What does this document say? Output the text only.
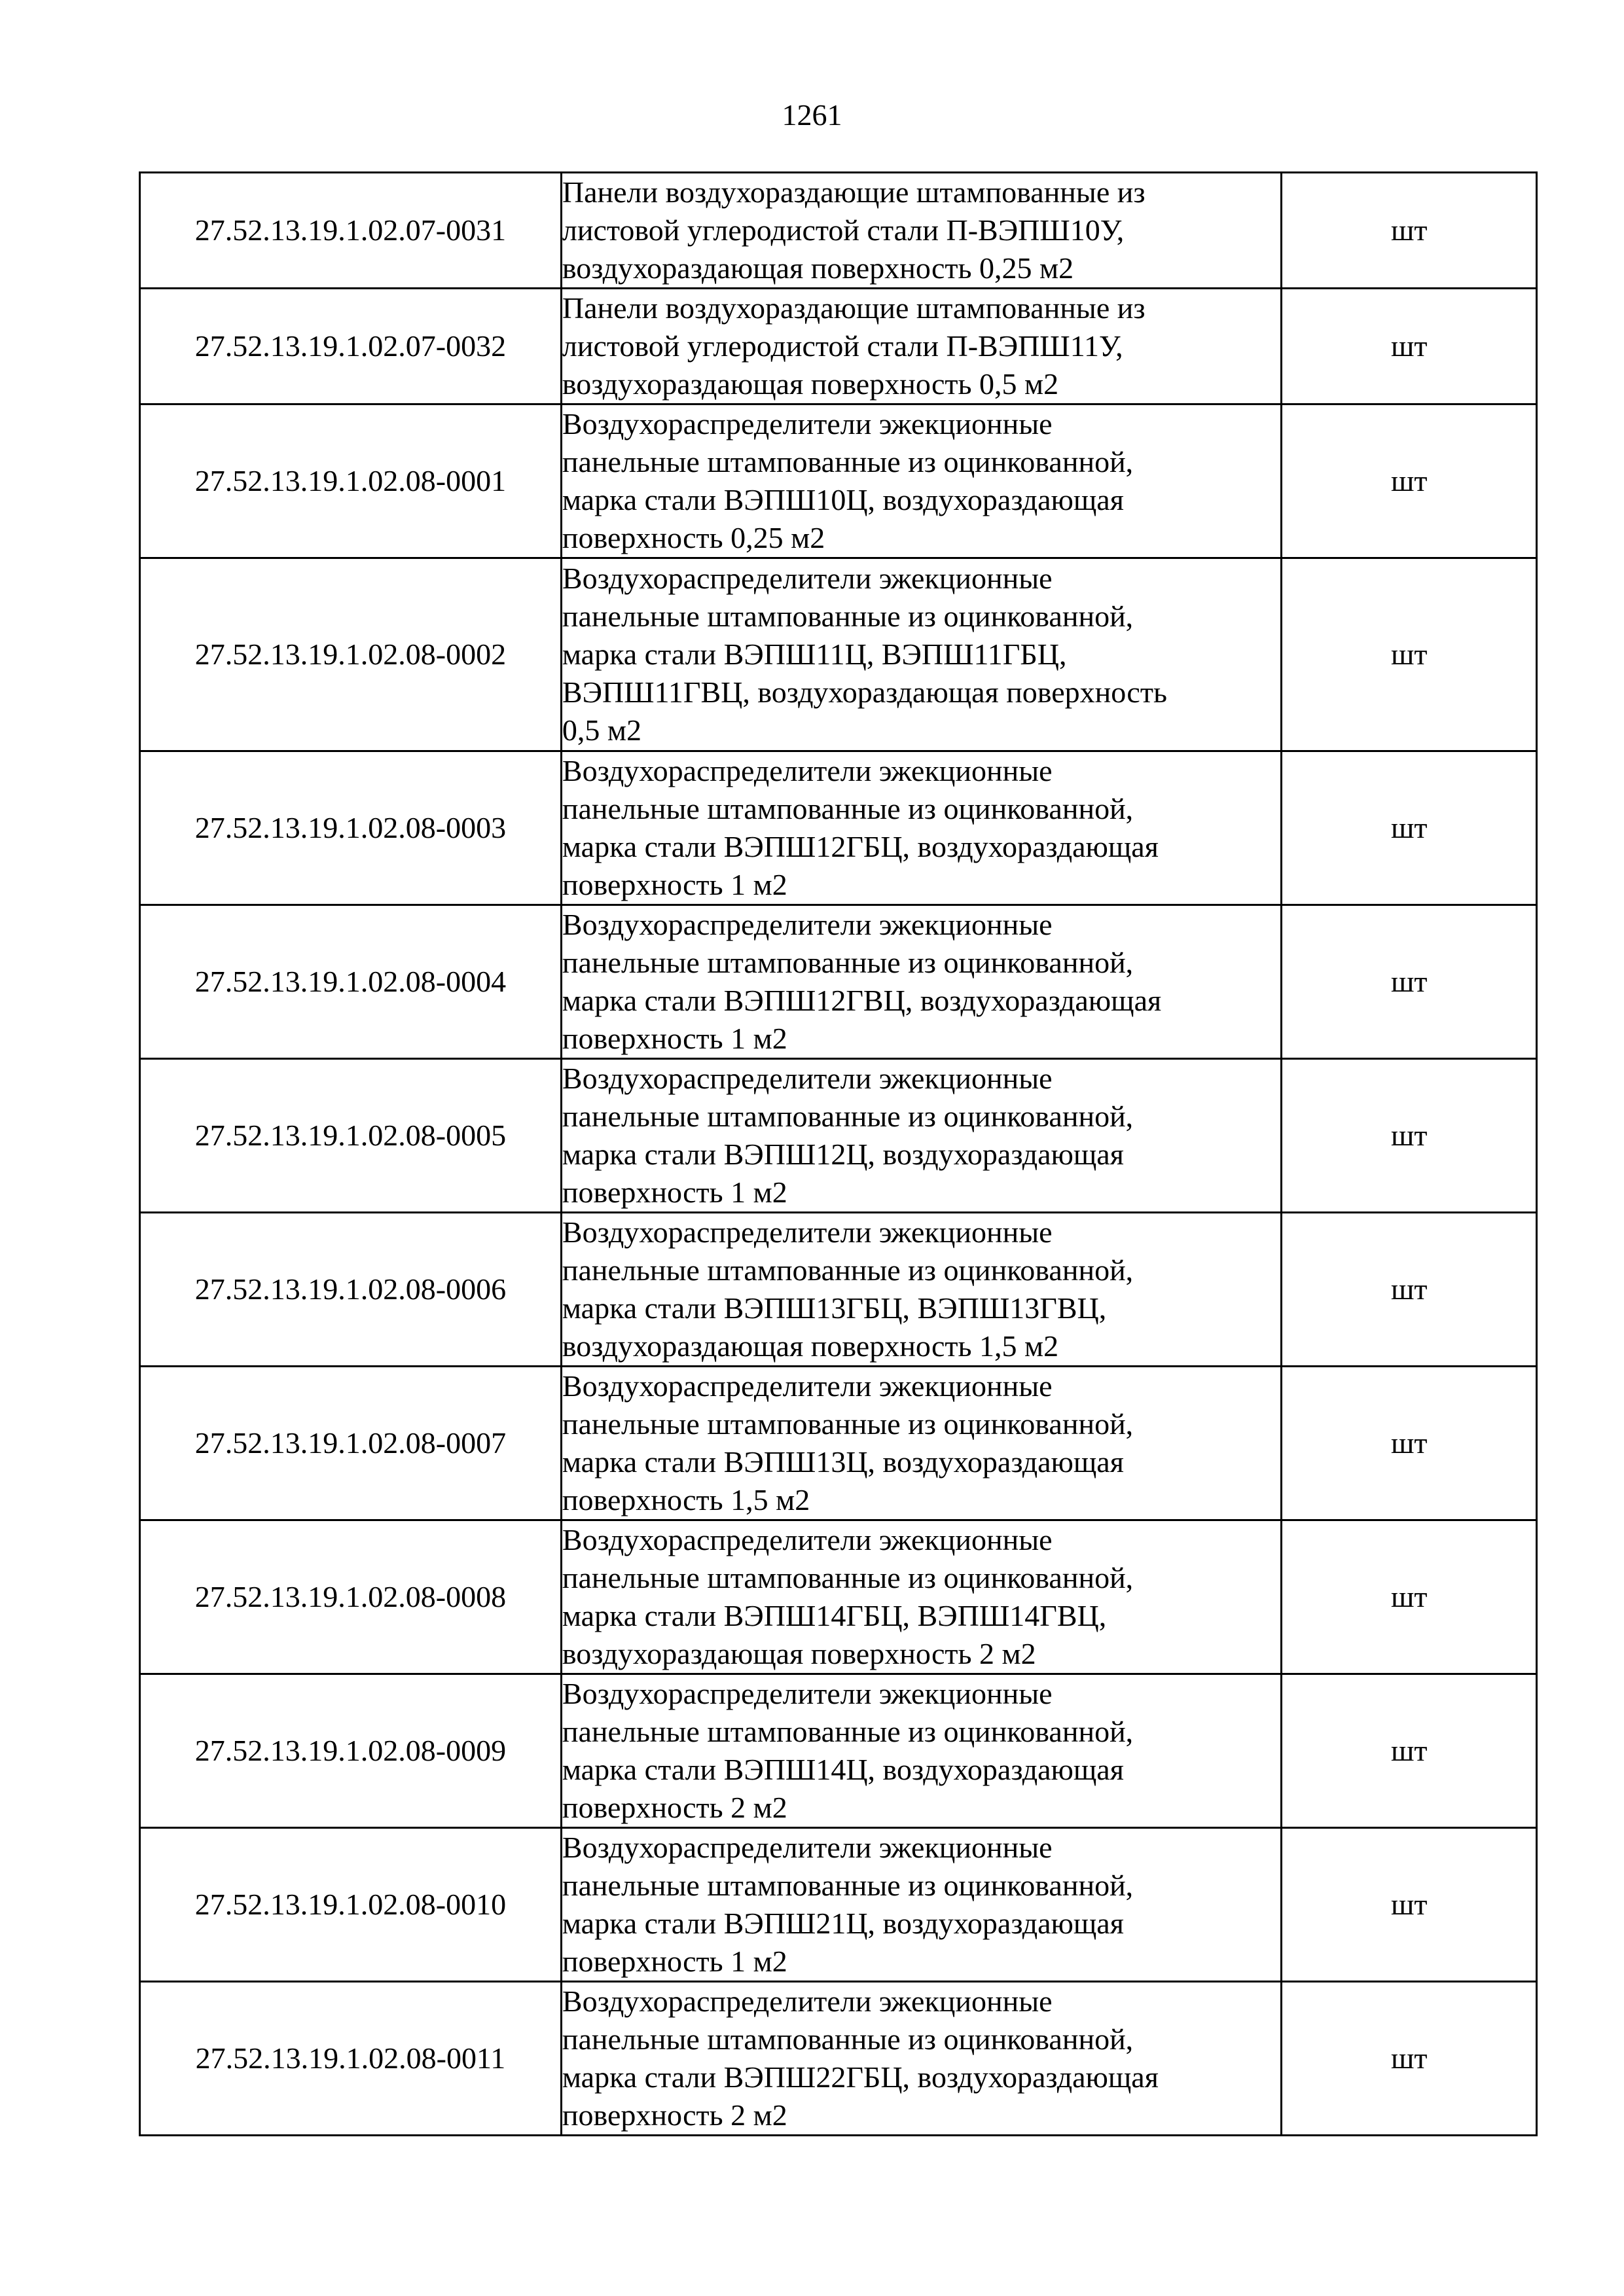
1261
27.52.13.19.1.02.07-0031	Панели воздухораздающие штампованные из
листовой углеродистой стали П-ВЭПШ10У,
воздухораздающая поверхность 0,25 м2	шт
27.52.13.19.1.02.07-0032	Панели воздухораздающие штампованные из
листовой углеродистой стали П-ВЭПШ11У,
воздухораздающая поверхность 0,5 м2	шт
27.52.13.19.1.02.08-0001	Воздухораспределители эжекционные
панельные штампованные из оцинкованной,
марка стали ВЭПШ10Ц, воздухораздающая
поверхность 0,25 м2	шт
27.52.13.19.1.02.08-0002	Воздухораспределители эжекционные
панельные штампованные из оцинкованной,
марка стали ВЭПШ11Ц, ВЭПШ11ГБЦ,
ВЭПШ11ГВЦ, воздухораздающая поверхность
0,5 м2	шт
27.52.13.19.1.02.08-0003	Воздухораспределители эжекционные
панельные штампованные из оцинкованной,
марка стали ВЭПШ12ГБЦ, воздухораздающая
поверхность 1 м2	шт
27.52.13.19.1.02.08-0004	Воздухораспределители эжекционные
панельные штампованные из оцинкованной,
марка стали ВЭПШ12ГВЦ, воздухораздающая
поверхность 1 м2	шт
27.52.13.19.1.02.08-0005	Воздухораспределители эжекционные
панельные штампованные из оцинкованной,
марка стали ВЭПШ12Ц, воздухораздающая
поверхность 1 м2	шт
27.52.13.19.1.02.08-0006	Воздухораспределители эжекционные
панельные штампованные из оцинкованной,
марка стали ВЭПШ13ГБЦ, ВЭПШ13ГВЦ,
воздухораздающая поверхность 1,5 м2	шт
27.52.13.19.1.02.08-0007	Воздухораспределители эжекционные
панельные штампованные из оцинкованной,
марка стали ВЭПШ13Ц, воздухораздающая
поверхность 1,5 м2	шт
27.52.13.19.1.02.08-0008	Воздухораспределители эжекционные
панельные штампованные из оцинкованной,
марка стали ВЭПШ14ГБЦ, ВЭПШ14ГВЦ,
воздухораздающая поверхность 2 м2	шт
27.52.13.19.1.02.08-0009	Воздухораспределители эжекционные
панельные штампованные из оцинкованной,
марка стали ВЭПШ14Ц, воздухораздающая
поверхность 2 м2	шт
27.52.13.19.1.02.08-0010	Воздухораспределители эжекционные
панельные штампованные из оцинкованной,
марка стали ВЭПШ21Ц, воздухораздающая
поверхность 1 м2	шт
27.52.13.19.1.02.08-0011	Воздухораспределители эжекционные
панельные штампованные из оцинкованной,
марка стали ВЭПШ22ГБЦ, воздухораздающая
поверхность 2 м2	шт
